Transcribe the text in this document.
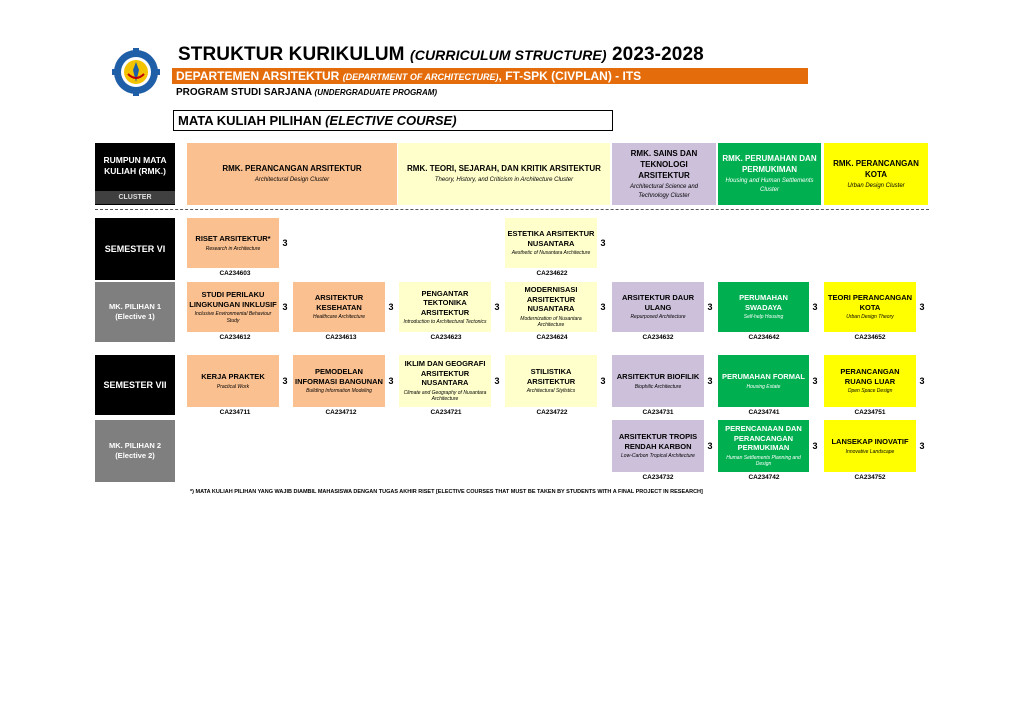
STRUKTUR KURIKULUM (CURRICULUM STRUCTURE) 2023-2028
DEPARTEMEN ARSITEKTUR (DEPARTMENT OF ARCHITECTURE), FT-SPK (CIVPLAN) - ITS
PROGRAM STUDI SARJANA (UNDERGRADUATE PROGRAM)
MATA KULIAH PILIHAN (ELECTIVE COURSE)
RUMPUN MATA KULIAH (RMK.)
CLUSTER
RMK. PERANCANGAN ARSITEKTUR
Architectural Design Cluster
RMK. TEORI, SEJARAH, DAN KRITIK ARSITEKTUR
Theory, History, and Criticism in Architecture Cluster
RMK. SAINS DAN TEKNOLOGI ARSITEKTUR
Architectural Science and Technology Cluster
RMK. PERUMAHAN DAN PERMUKIMAN
Housing and Human Settlements Cluster
RMK. PERANCANGAN KOTA
Urban Design Cluster
SEMESTER VI
MK. PILIHAN 1
(Elective 1)
SEMESTER VII
MK. PILIHAN 2
(Elective 2)
RISET ARSITEKTUR*
Research in Architecture
3
CA234603
ESTETIKA ARSITEKTUR NUSANTARA
Aesthetic of Nusantara Architecture
3
CA234622
STUDI PERILAKU LINGKUNGAN INKLUSIF
Inclusive Environmental Behaviour Study
3
CA234612
ARSITEKTUR KESEHATAN
Healthcare Architecture
3
CA234613
PENGANTAR TEKTONIKA ARSITEKTUR
Introduction to Architectural Tectonics
3
CA234623
MODERNISASI ARSITEKTUR NUSANTARA
Modernization of Nusantara Architecture
3
CA234624
ARSITEKTUR DAUR ULANG
Repurposed Architecture
3
CA234632
PERUMAHAN SWADAYA
Self-help Housing
3
CA234642
TEORI PERANCANGAN KOTA
Urban Design Theory
3
CA234652
KERJA PRAKTEK
Practical Work
3
CA234711
PEMODELAN INFORMASI BANGUNAN
Building Information Modeling
3
CA234712
IKLIM DAN GEOGRAFI ARSITEKTUR NUSANTARA
Climate and Geography of Nusantara Architecture
3
CA234721
STILISTIKA ARSITEKTUR
Architectural Stylistics
3
CA234722
ARSITEKTUR BIOFILIK
Biophilic Architecture
3
CA234731
PERUMAHAN FORMAL
Housing Estate
3
CA234741
PERANCANGAN RUANG LUAR
Open Space Design
3
CA234751
ARSITEKTUR TROPIS RENDAH KARBON
Low-Carbon Tropical Architecture
3
CA234732
PERENCANAAN DAN PERANCANGAN PERMUKIMAN
Human Settlements Planning and Design
3
CA234742
LANSEKAP INOVATIF
Innovative Landscape
3
CA234752
*) MATA KULIAH PILIHAN YANG WAJIB DIAMBIL MAHASISWA DENGAN TUGAS AKHIR RISET [ELECTIVE COURSES THAT MUST BE TAKEN BY STUDENTS WITH A FINAL PROJECT IN RESEARCH]
